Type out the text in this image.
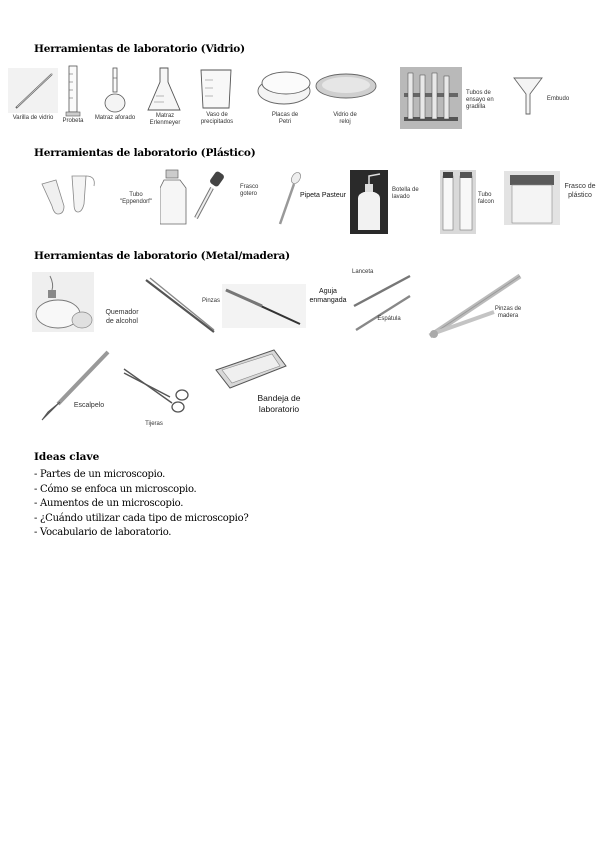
Herramientas de laboratorio (Vidrio)
Varilla de vidrio	Probeta	Matraz aforado	Matraz
Erlenmeyer
Vaso de
precipitados
Placas de
Petri
Vidrio de
reloj
Tubos de
ensayo en
gradilla
Embudo
Herramientas de laboratorio (Plástico)
Tubo
"Eppendorf"
Frasco
gotero	Pipeta Pasteur
Botella de
lavado	Tubo
falcon
Frasco de
plástico
Herramientas de laboratorio (Metal/madera)
Quemador
de alcohol
Pinzas
Aguja
enmangada
Lanceta
Espátula
Pinzas de
madera
Escalpelo
Tijeras
Bandeja de
laboratorio
Ideas clave
- Partes de un microscopio.
- Cómo se enfoca un microscopio.
- Aumentos de un microscopio.
- ¿Cuándo utilizar cada tipo de microscopio?
- Vocabulario de laboratorio.
